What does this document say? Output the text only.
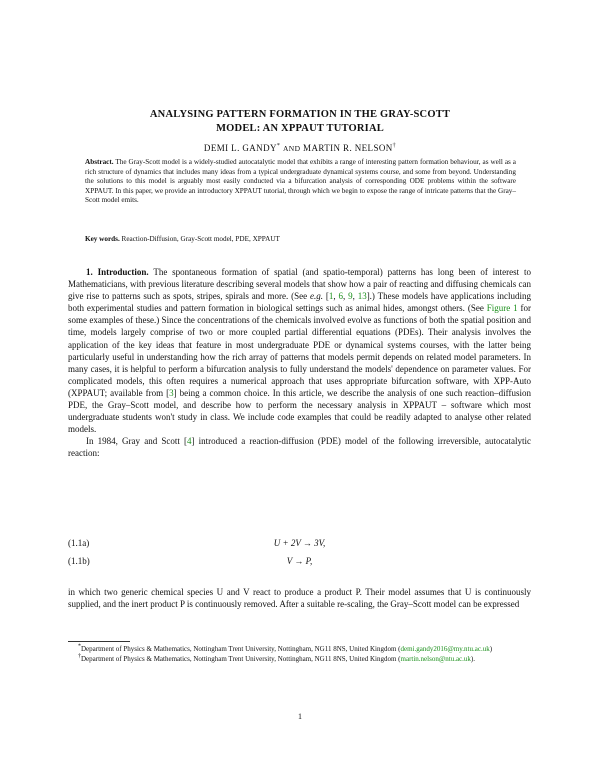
ANALYSING PATTERN FORMATION IN THE GRAY-SCOTT
MODEL: AN XPPAUT TUTORIAL
DEMI L. GANDY* AND MARTIN R. NELSON†
Abstract. The Gray-Scott model is a widely-studied autocatalytic model that exhibits a range of interesting pattern formation behaviour, as well as a rich structure of dynamics that includes many ideas from a typical undergraduate dynamical systems course, and some from beyond. Understanding the solutions to this model is arguably most easily conducted via a bifurcation analysis of corresponding ODE problems within the software XPPAUT. In this paper, we provide an introductory XPPAUT tutorial, through which we begin to expose the range of intricate patterns that the Gray–Scott model emits.
Key words. Reaction-Diffusion, Gray-Scott model, PDE, XPPAUT

1. Introduction. The spontaneous formation of spatial (and spatio-temporal) patterns has long been of interest to Mathematicians, with previous literature describing several models that show how a pair of reacting and diffusing chemicals can give rise to patterns such as spots, stripes, spirals and more. (See e.g. [1, 6, 9, 13].) These models have applications including both experimental studies and pattern formation in biological settings such as animal hides, amongst others. (See Figure 1 for some examples of these.) Since the concentrations of the chemicals involved evolve as functions of both the spatial position and time, models largely comprise of two or more coupled partial differential equations (PDEs). Their analysis involves the application of the key ideas that feature in most undergraduate PDE or dynamical systems courses, with the latter being particularly useful in understanding how the rich array of patterns that models permit depends on related model parameters. In many cases, it is helpful to perform a bifurcation analysis to fully understand the models' dependence on parameter values. For complicated models, this often requires a numerical approach that uses appropriate bifurcation software, with XPP-Auto (XPPAUT; available from [3] being a common choice. In this article, we describe the analysis of one such reaction–diffusion PDE, the Gray–Scott model, and describe how to perform the necessary analysis in XPPAUT – software which most undergraduate students won't study in class. We include code examples that could be readily adapted to analyse other related models.

In 1984, Gray and Scott [4] introduced a reaction-diffusion (PDE) model of the following irreversible, autocatalytic reaction:

(1.1a)	U + 2V → 3V,
(1.1b)	V → P,
in which two generic chemical species U and V react to produce a product P. Their model assumes that U is continuously supplied, and the inert product P is continuously removed. After a suitable re-scaling, the Gray–Scott model can be expressed

*Department of Physics & Mathematics, Nottingham Trent University, Nottingham, NG11 8NS, United Kingdom (demi.gandy2016@my.ntu.ac.uk)

†Department of Physics & Mathematics, Nottingham Trent University, Nottingham, NG11 8NS, United Kingdom (martin.nelson@ntu.ac.uk).

1
